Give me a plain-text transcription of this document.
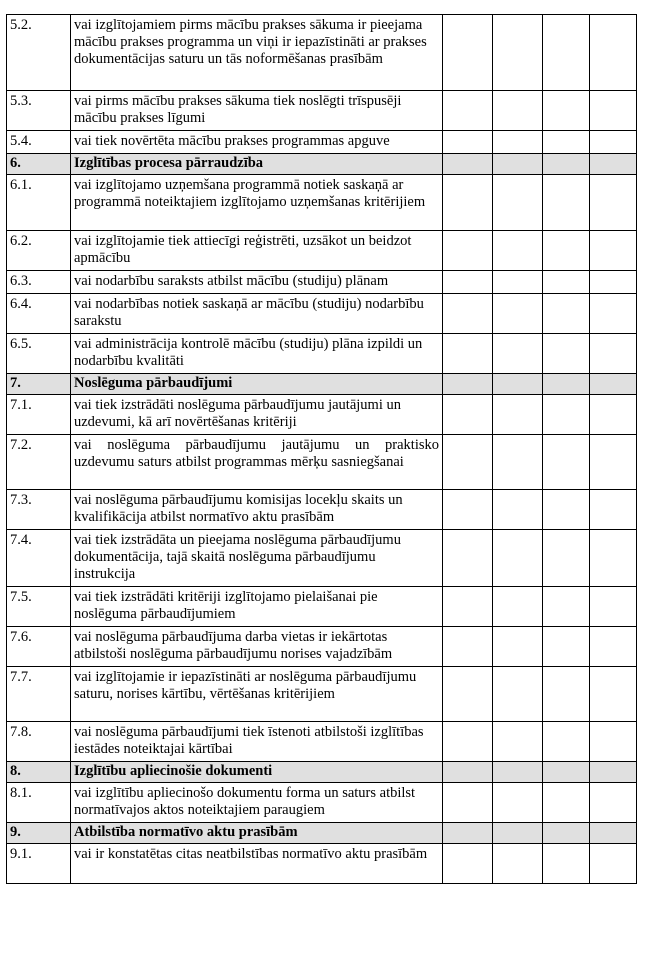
5.2.	vai izglītojamiem pirms mācību prakses sākuma ir pieejama mācību prakses programma un viņi ir iepazīstināti ar prakses dokumentācijas saturu un tās noformēšanas prasībām				
5.3.	vai pirms mācību prakses sākuma tiek noslēgti trīspusēji mācību prakses līgumi				
5.4.	vai tiek novērtēta mācību prakses programmas apguve				
6.	Izglītības procesa pārraudzība				
6.1.	vai izglītojamo uzņemšana programmā notiek saskaņā ar programmā noteiktajiem izglītojamo uzņemšanas kritērijiem				
6.2.	vai izglītojamie tiek attiecīgi reģistrēti, uzsākot un beidzot apmācību				
6.3.	vai nodarbību saraksts atbilst mācību (studiju) plānam				
6.4.	vai nodarbības notiek saskaņā ar mācību (studiju) nodarbību sarakstu				
6.5.	vai administrācija kontrolē mācību (studiju) plāna izpildi un nodarbību kvalitāti				
7.	Noslēguma pārbaudījumi				
7.1.	vai tiek izstrādāti noslēguma pārbaudījumu jautājumi un uzdevumi, kā arī novērtēšanas kritēriji				
7.2.	vai noslēguma pārbaudījumu jautājumu un praktisko uzdevumu saturs atbilst programmas mērķu sasniegšanai				
7.3.	vai noslēguma pārbaudījumu komisijas locekļu skaits un kvalifikācija atbilst normatīvo aktu prasībām				
7.4.	vai tiek izstrādāta un pieejama noslēguma pārbaudījumu dokumentācija, tajā skaitā noslēguma pārbaudījumu instrukcija				
7.5.	vai tiek izstrādāti kritēriji izglītojamo pielaišanai pie noslēguma pārbaudījumiem				
7.6.	vai noslēguma pārbaudījuma darba vietas ir iekārtotas atbilstoši noslēguma pārbaudījumu norises vajadzībām				
7.7.	vai izglītojamie ir iepazīstināti ar noslēguma pārbaudījumu saturu, norises kārtību, vērtēšanas kritērijiem				
7.8.	vai noslēguma pārbaudījumi tiek īstenoti atbilstoši izglītības iestādes noteiktajai kārtībai				
8.	Izglītību apliecinošie dokumenti				
8.1.	vai izglītību apliecinošo dokumentu forma un saturs atbilst normatīvajos aktos noteiktajiem paraugiem				
9.	Atbilstība normatīvo aktu prasībām				
9.1.	vai ir konstatētas citas neatbilstības normatīvo aktu prasībām				
